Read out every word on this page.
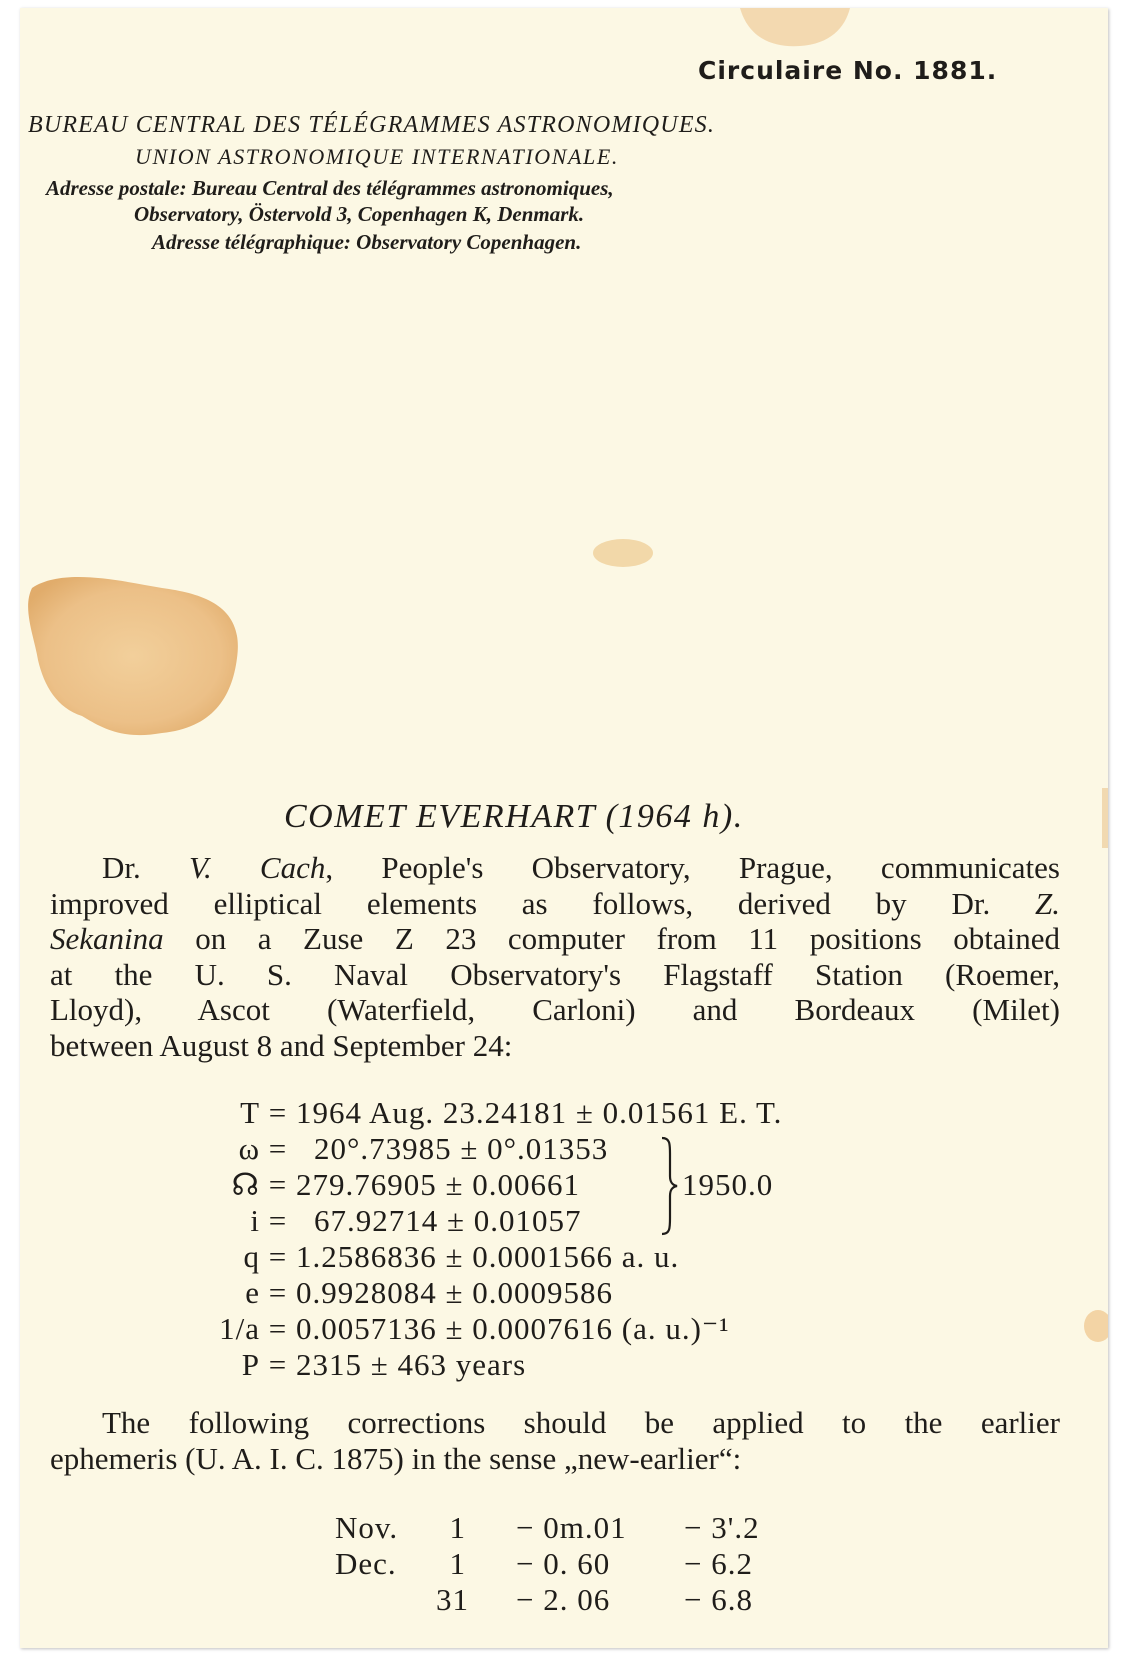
Circulaire No. 1881.
BUREAU CENTRAL DES TÉLÉGRAMMES ASTRONOMIQUES.
UNION ASTRONOMIQUE INTERNATIONALE.
Adresse postale: Bureau Central des télégrammes astronomiques,
Observatory, Östervold 3, Copenhagen K, Denmark.
Adresse télégraphique: Observatory Copenhagen.
COMET EVERHART (1964 h).
Dr. V. Cach, People's Observatory, Prague, communicates
improved elliptical elements as follows, derived by Dr. Z.
Sekanina on a Zuse Z 23 computer from 11 positions obtained
at the U. S. Naval Observatory's Flagstaff Station (Roemer,
Lloyd), Ascot (Waterfield, Carloni) and Bordeaux (Milet)
between August 8 and September 24:
T = 1964 Aug. 23.24181 ± 0.01561 E. T.
ω = 20°.73985 ± 0°.01353
☊ = 279.76905 ± 0.00661
i = 67.92714 ± 0.01057
1950.0
q = 1.2586836 ± 0.0001566 a. u.
e = 0.9928084 ± 0.0009586
1/a = 0.0057136 ± 0.0007616 (a. u.)⁻¹
P = 2315 ± 463 years
The following corrections should be applied to the earlier
ephemeris (U. A. I. C. 1875) in the sense „new-earlier“:
Nov.	1 − 0m.01 − 3'.2
Dec.	1 − 0. 60 − 6.2
31 − 2. 06 − 6.8
